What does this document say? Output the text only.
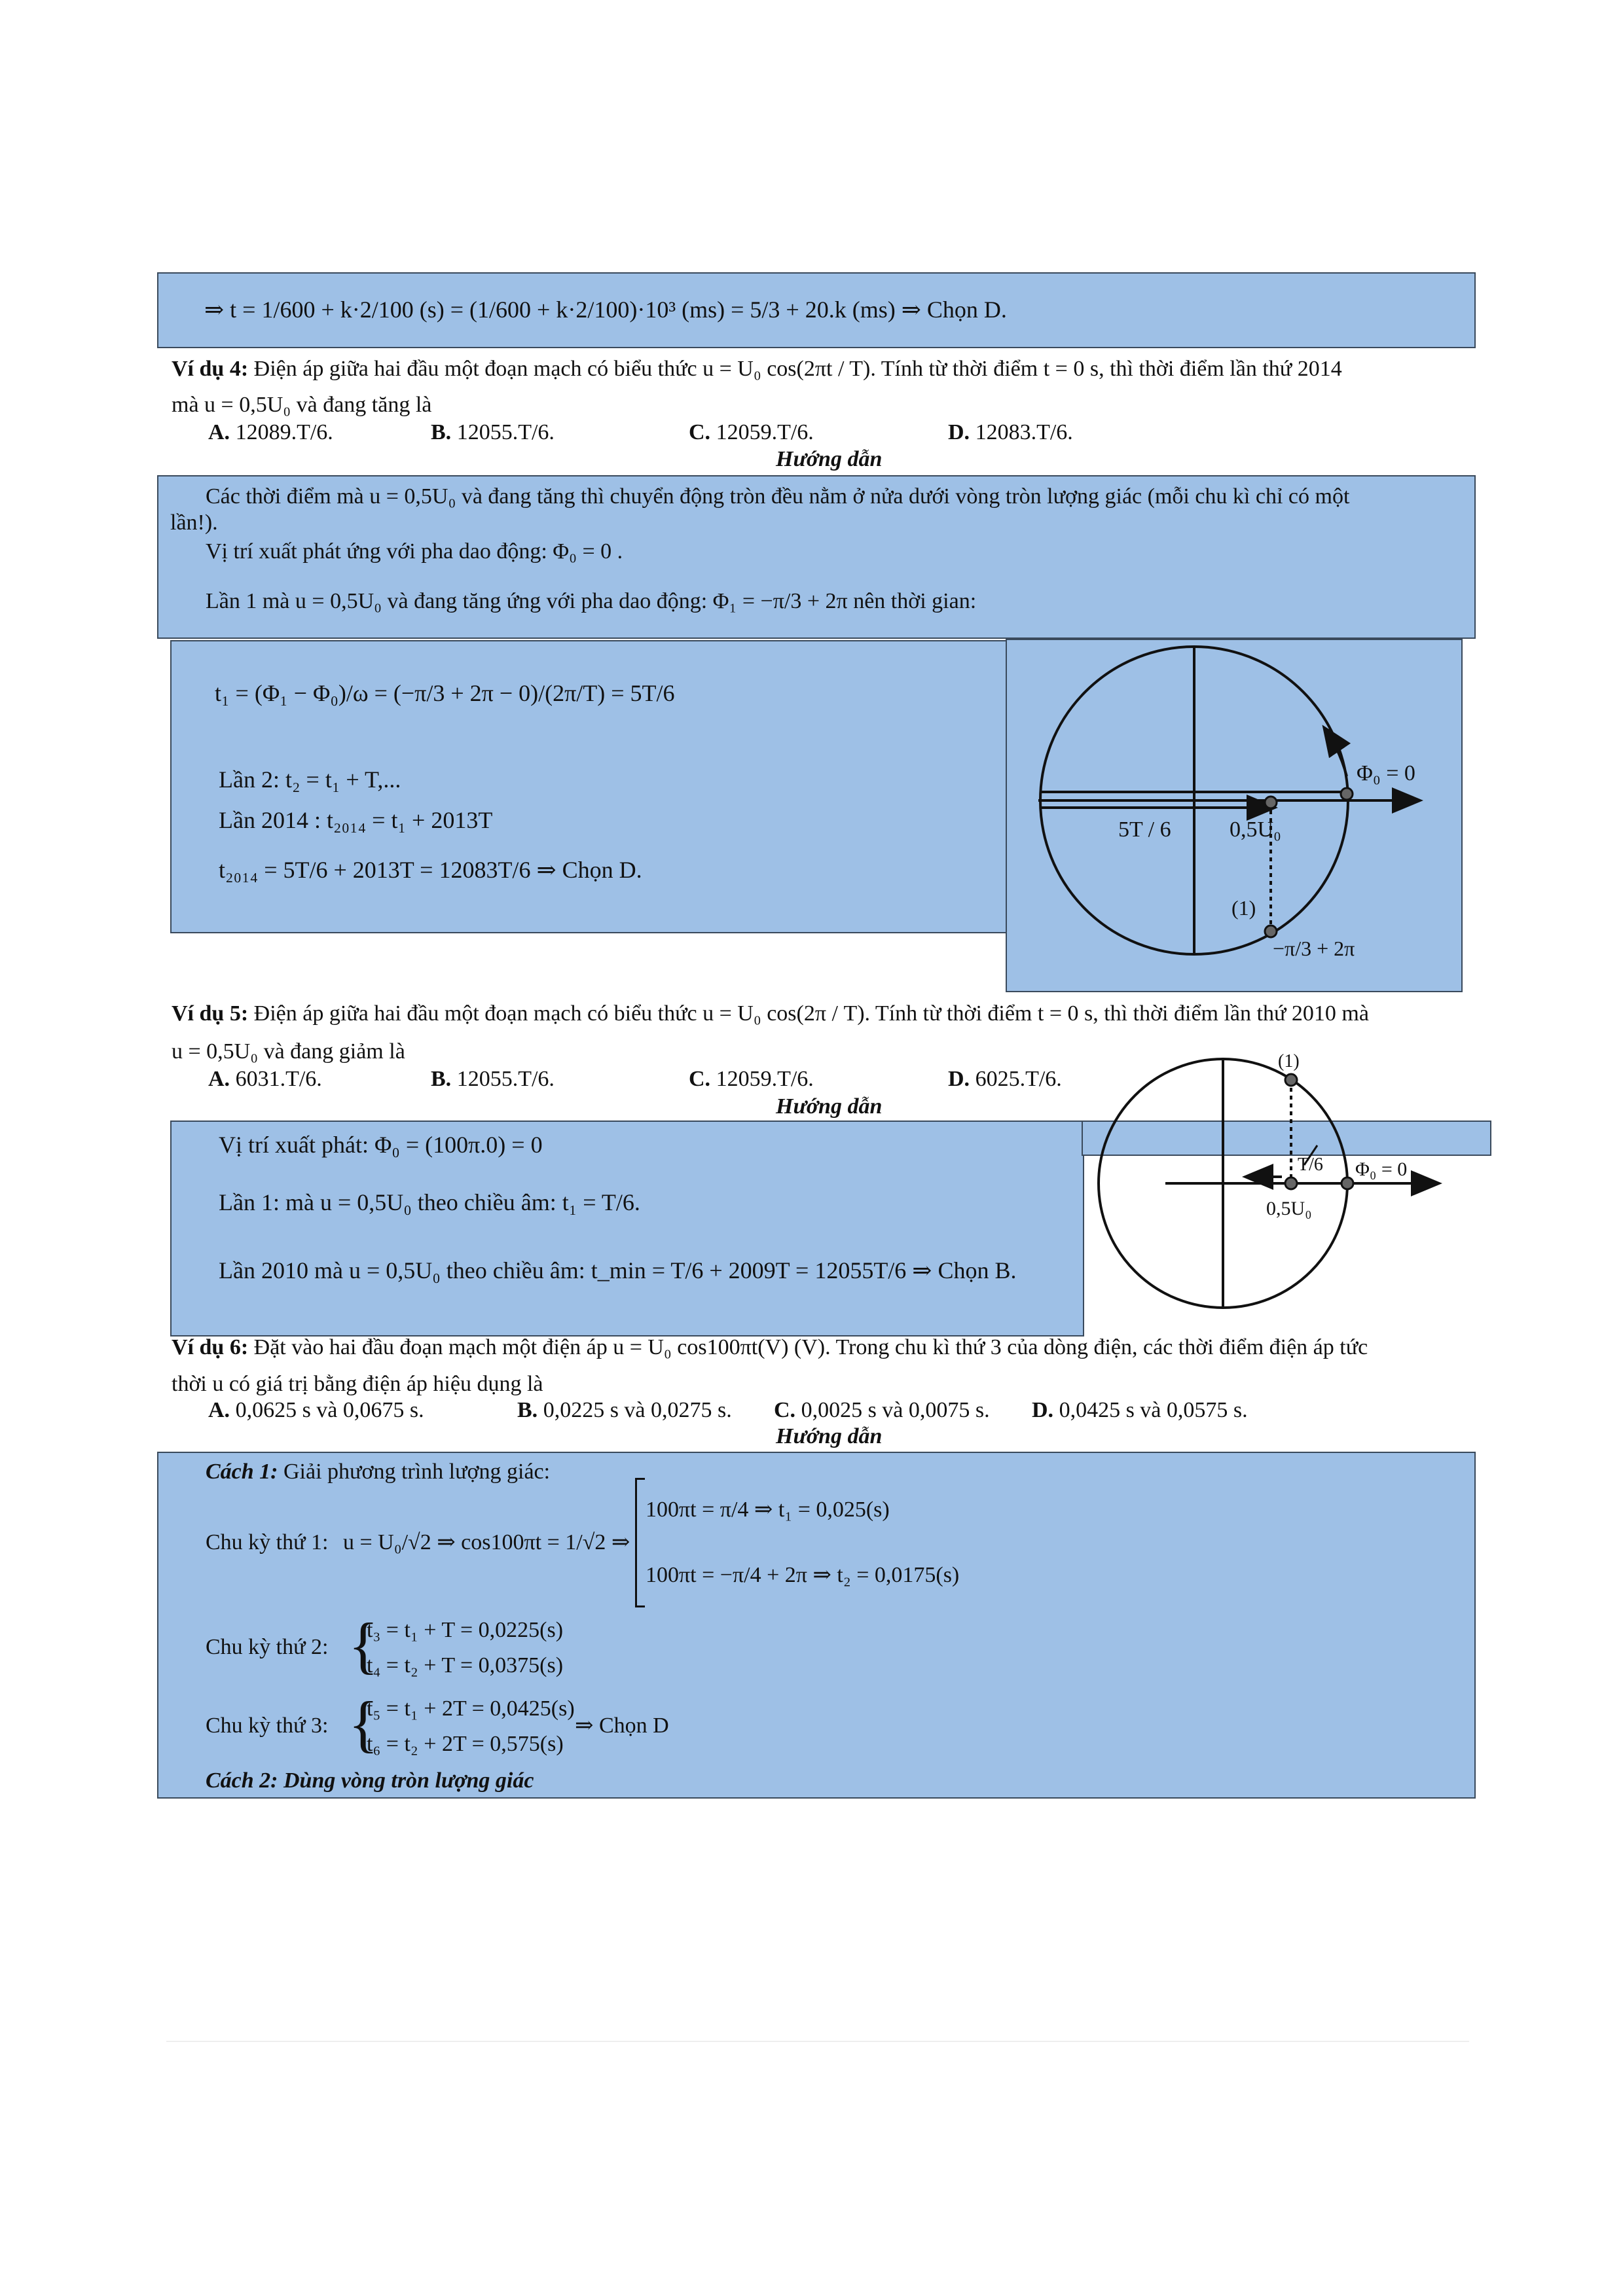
⇒ t = 1/600 + k·2/100 (s) = (1/600 + k·2/100)·10³ (ms) = 5/3 + 20.k (ms) ⇒ Chọn D.
Ví dụ 4: Điện áp giữa hai đầu một đoạn mạch có biểu thức u = U₀ cos(2πt / T). Tính từ thời điểm t = 0 s, thì thời điểm lần thứ 2014
mà u = 0,5U₀ và đang tăng là
A. 12089.T/6.	B. 12055.T/6.	C. 12059.T/6.	D. 12083.T/6.
Hướng dẫn
Các thời điểm mà u = 0,5U₀ và đang tăng thì chuyển động tròn đều nằm ở nửa dưới vòng tròn lượng giác (mỗi chu kì chỉ có một
lần!).
Vị trí xuất phát ứng với pha dao động: Φ₀ = 0 .
Lần 1 mà u = 0,5U₀ và đang tăng ứng với pha dao động: Φ₁ = −π/3 + 2π nên thời gian:
t₁ = (Φ₁ − Φ₀)/ω = (−π/3 + 2π − 0)/(2π/T) = 5T/6
Lần 2: t₂ = t₁ + T,...
Lần 2014 : t₂₀₁₄ = t₁ + 2013T
t₂₀₁₄ = 5T/6 + 2013T = 12083T/6 ⇒ Chọn D.
Φ₀ = 0
5T / 6	0,5U₀
(1)
−π/3 + 2π
Ví dụ 5: Điện áp giữa hai đầu một đoạn mạch có biểu thức u = U₀ cos(2π / T). Tính từ thời điểm t = 0 s, thì thời điểm lần thứ 2010 mà
u = 0,5U₀ và đang giảm là
A. 6031.T/6.	B. 12055.T/6.	C. 12059.T/6.	D. 6025.T/6.
Hướng dẫn
Vị trí xuất phát: Φ₀ = (100π.0) = 0
Lần 1: mà u = 0,5U₀ theo chiều âm: t₁ = T/6.
Lần 2010 mà u = 0,5U₀ theo chiều âm: t_min = T/6 + 2009T = 12055T/6 ⇒ Chọn B.
(1)
T/6 Φ₀ = 0
0,5U₀
Ví dụ 6: Đặt vào hai đầu đoạn mạch một điện áp u = U₀ cos100πt(V) (V). Trong chu kì thứ 3 của dòng điện, các thời điểm điện áp tức
thời u có giá trị bằng điện áp hiệu dụng là
A. 0,0625 s và 0,0675 s.	B. 0,0225 s và 0,0275 s. C. 0,0025 s và 0,0075 s. D. 0,0425 s và 0,0575 s.
Hướng dẫn
Cách 1: Giải phương trình lượng giác:
Chu kỳ thứ 1: u = U₀/√2 ⇒ cos100πt = 1/√2 ⇒
100πt = π/4 ⇒ t₁ = 0,025(s)
100πt = −π/4 + 2π ⇒ t₂ = 0,0175(s)
Chu kỳ thứ 2: {
t₃ = t₁ + T = 0,0225(s)
t₄ = t₂ + T = 0,0375(s)
Chu kỳ thứ 3: {
t₅ = t₁ + 2T = 0,0425(s)
t₆ = t₂ + 2T = 0,575(s)
⇒ Chọn D
Cách 2: Dùng vòng tròn lượng giác
